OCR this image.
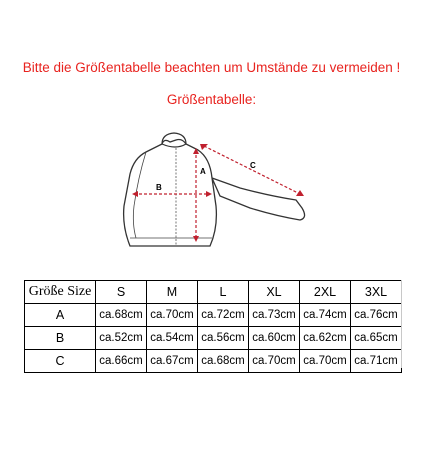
Bitte die Größentabelle beachten um Umstände zu vermeiden !
Größentabelle:
A
B
C
Größe Size	S	M	L	XL	2XL	3XL
A	ca.68cm	ca.70cm	ca.72cm	ca.73cm	ca.74cm	ca.76cm
B	ca.52cm	ca.54cm	ca.56cm	ca.60cm	ca.62cm	ca.65cm
C	ca.66cm	ca.67cm	ca.68cm	ca.70cm	ca.70cm	ca.71cm
